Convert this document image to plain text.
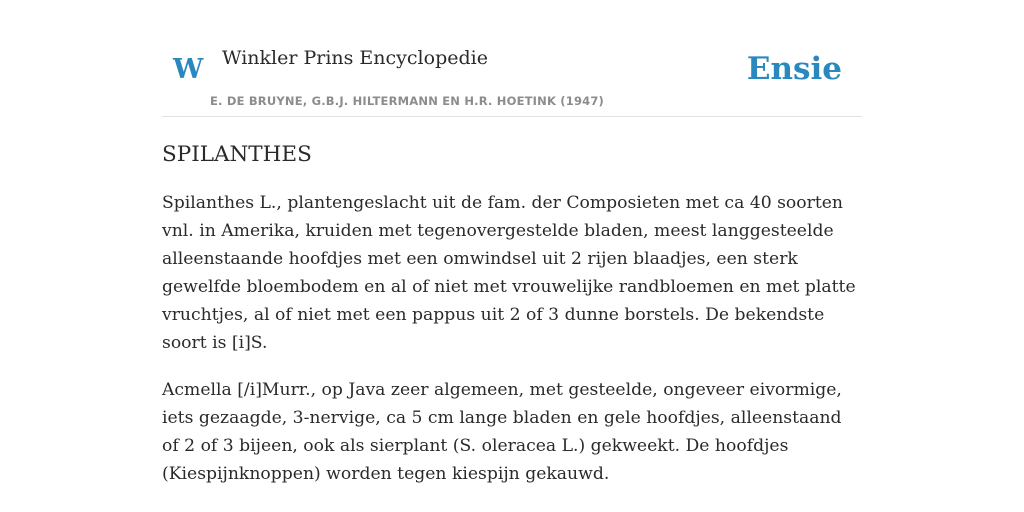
W Winkler Prins Encyclopedie
E. DE BRUYNE, G.B.J. HILTERMANN EN H.R. HOETINK (1947)
Ensie
SPILANTHES

Spilanthes L., plantengeslacht uit de fam. der Composieten met ca 40 soorten vnl. in Amerika, kruiden met tegenovergestelde bladen, meest langgesteelde alleenstaande hoofdjes met een omwindsel uit 2 rijen blaadjes, een sterk gewelfde bloembodem en al of niet met vrouwelijke randbloemen en met platte vruchtjes, al of niet met een pappus uit 2 of 3 dunne borstels. De bekendste soort is [i]S.

Acmella [/i]Murr., op Java zeer algemeen, met gesteelde, ongeveer eivormige, iets gezaagde, 3-nervige, ca 5 cm lange bladen en gele hoofdjes, alleenstaand of 2 of 3 bijeen, ook als sierplant (S. oleracea L.) gekweekt. De hoofdjes (Kiespijnknoppen) worden tegen kiespijn gekauwd.
